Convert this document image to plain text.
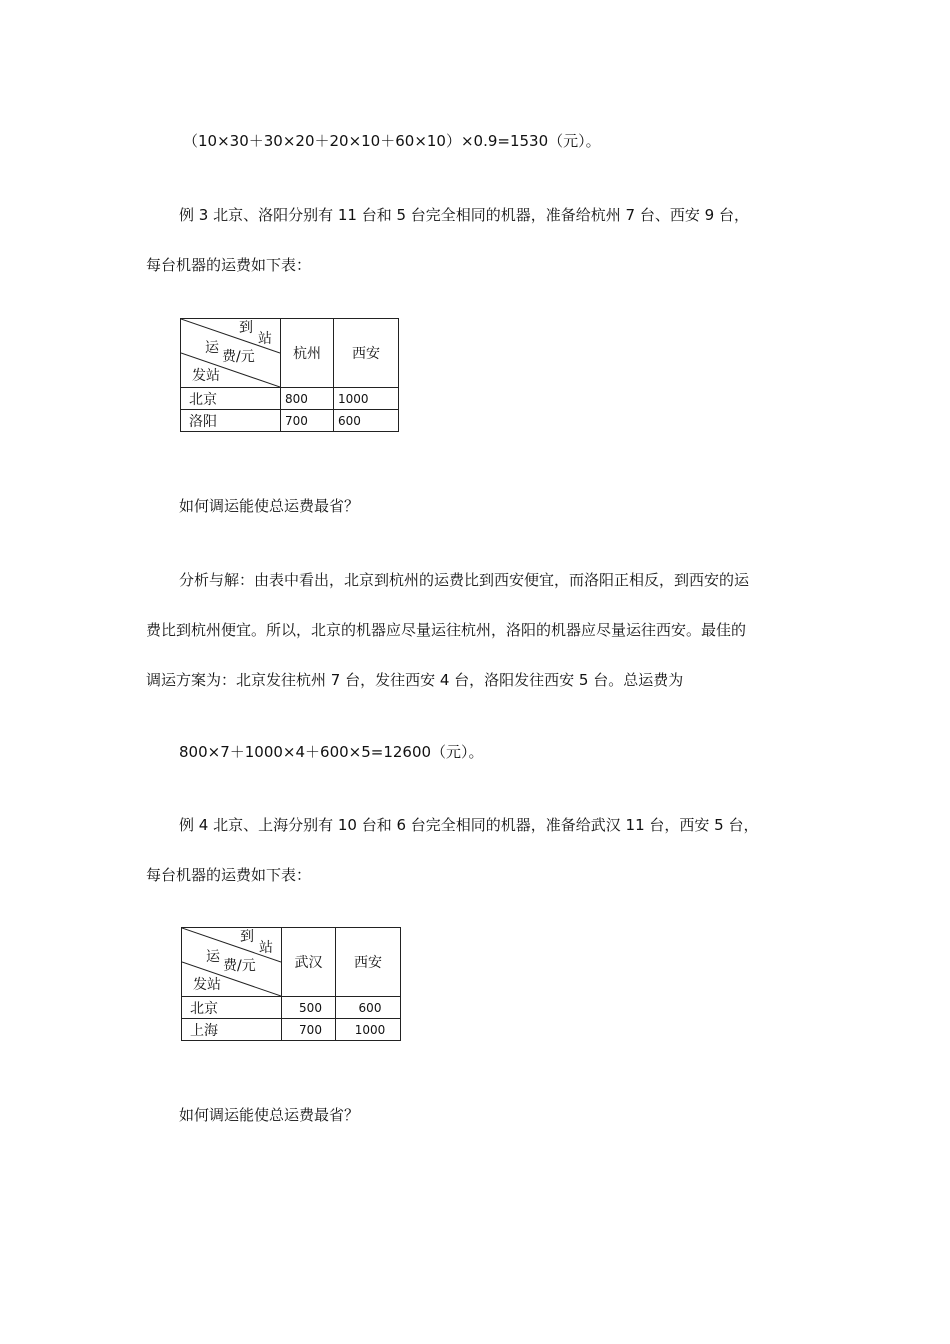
（10×30＋30×20＋20×10＋60×10）×0.9=1530（元）。
例 3 北京、洛阳分别有 11 台和 5 台完全相同的机器，准备给杭州 7 台、西安 9 台，
每台机器的运费如下表：
到
站
运
费/元
发站	杭州	西安
北京	800	1000
洛阳	700	600
如何调运能使总运费最省？
分析与解：由表中看出，北京到杭州的运费比到西安便宜，而洛阳正相反，到西安的运
费比到杭州便宜。所以，北京的机器应尽量运往杭州，洛阳的机器应尽量运往西安。最佳的
调运方案为：北京发往杭州 7 台，发往西安 4 台，洛阳发往西安 5 台。总运费为
800×7＋1000×4＋600×5=12600（元）。
例 4 北京、上海分别有 10 台和 6 台完全相同的机器，准备给武汉 11 台，西安 5 台，
每台机器的运费如下表：
到
站
运
费/元
发站	武汉	西安
北京	500	600
上海	700	1000
如何调运能使总运费最省？
